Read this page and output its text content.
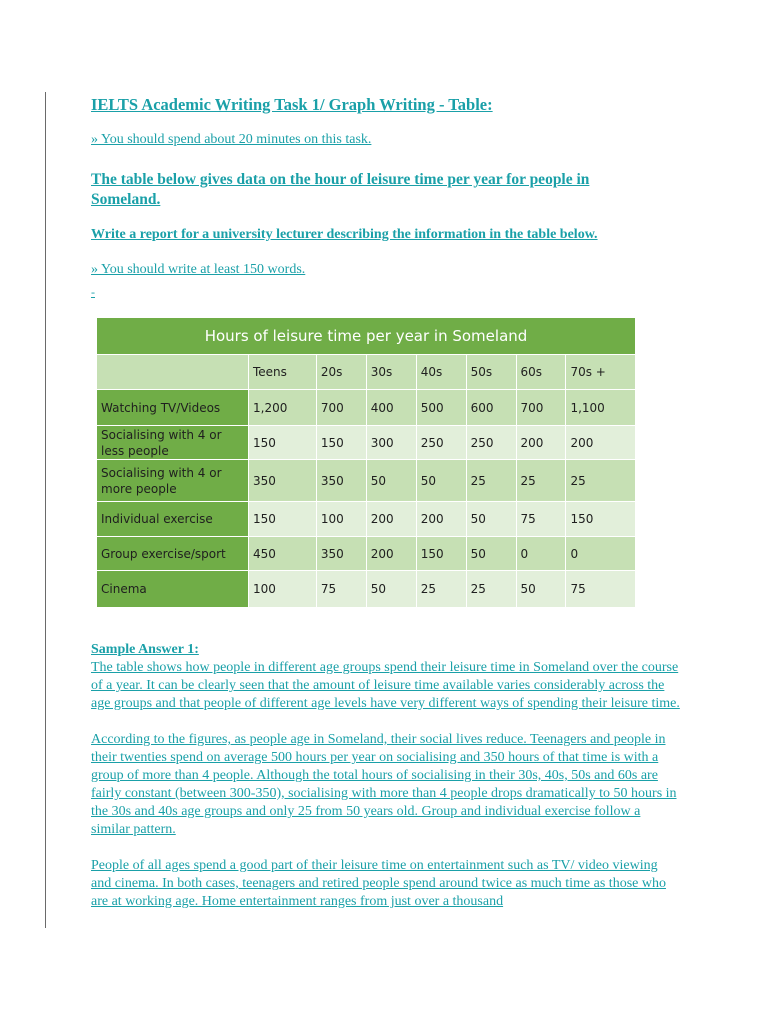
IELTS Academic Writing Task 1/ Graph Writing - Table:
» You should spend about 20 minutes on this task.
The table below gives data on the hour of leisure time per year for people in Someland.
Write a report for a university lecturer describing the information in the table below.
» You should write at least 150 words.
-
Hours of leisure time per year in Someland							
	Teens	20s	30s	40s	50s	60s	70s +
Watching TV/Videos	1,200	700	400	500	600	700	1,100
Socialising with 4 or less people	150	150	300	250	250	200	200
Socialising with 4 or more people	350	350	50	50	25	25	25
Individual exercise	150	100	200	200	50	75	150
Group exercise/sport	450	350	200	150	50	0	0
Cinema	100	75	50	25	25	50	75
Sample Answer 1:

The table shows how people in different age groups spend their leisure time in Someland over the course of a year. It can be clearly seen that the amount of leisure time available varies considerably across the age groups and that people of different age levels have very different ways of spending their leisure time.

According to the figures, as people age in Someland, their social lives reduce. Teenagers and people in their twenties spend on average 500 hours per year on socialising and 350 hours of that time is with a group of more than 4 people. Although the total hours of socialising in their 30s, 40s, 50s and 60s are fairly constant (between 300-350), socialising with more than 4 people drops dramatically to 50 hours in the 30s and 40s age groups and only 25 from 50 years old. Group and individual exercise follow a similar pattern.

People of all ages spend a good part of their leisure time on entertainment such as TV/ video viewing and cinema. In both cases, teenagers and retired people spend around twice as much time as those who are at working age. Home entertainment ranges from just over a thousand
